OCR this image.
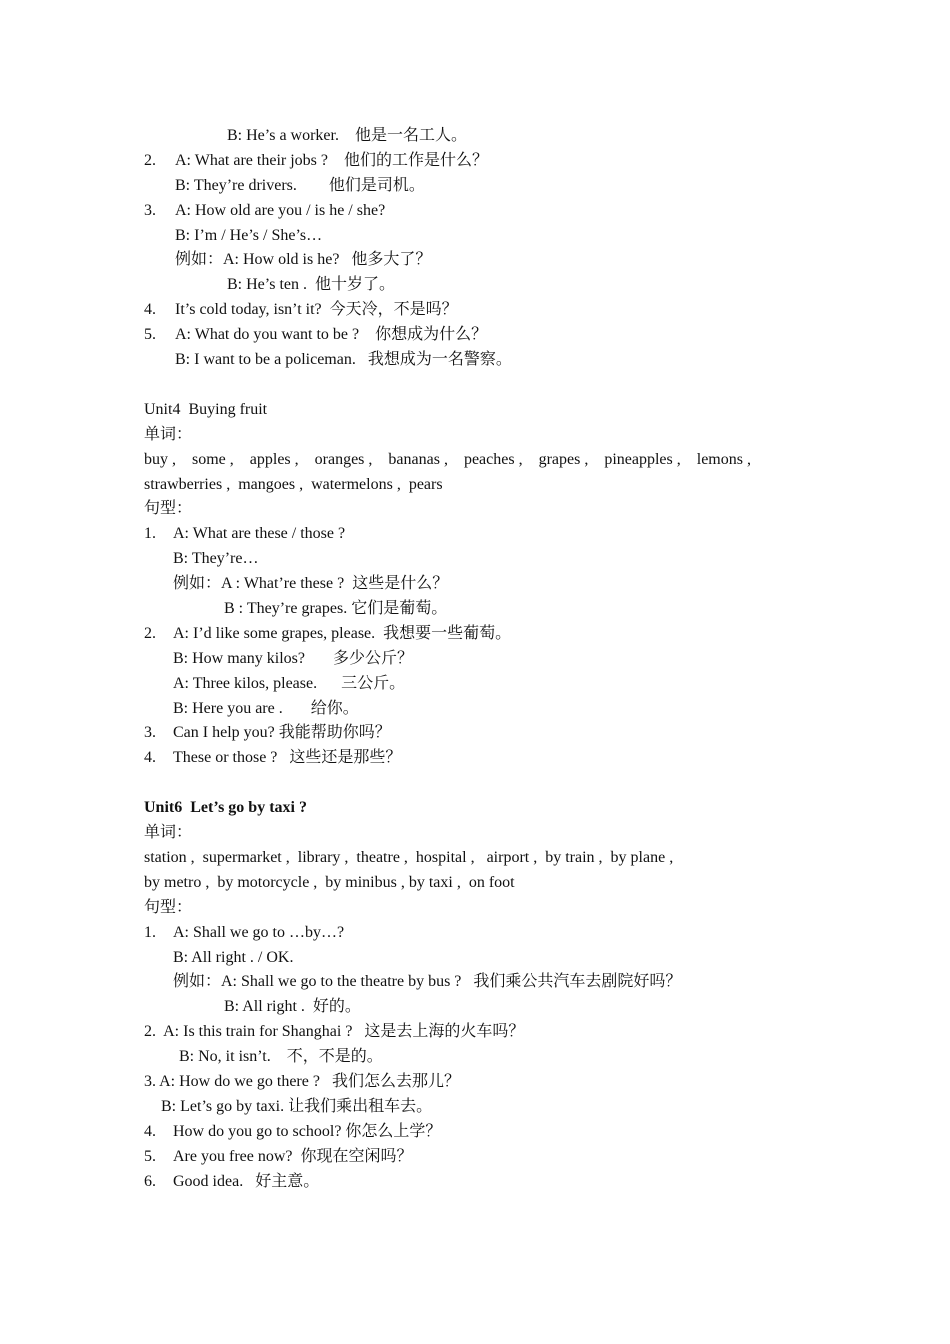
B: He’s a worker.    他是一名工人。
2. A: What are their jobs ?    他们的工作是什么？
B: They’re drivers.        他们是司机。
3. A: How old are you / is he / she?
B: I’m / He’s / She’s…
例如：A: How old is he?   他多大了？
B: He’s ten .  他十岁了。
4. It’s cold today, isn’t it?  今天冷，不是吗？
5. A: What do you want to be ?    你想成为什么？
B: I want to be a policeman.   我想成为一名警察。
Unit4  Buying fruit
单词：
buy ,    some ,    apples ,    oranges ,    bananas ,    peaches ,    grapes ,    pineapples ,    lemons ,
strawberries ,  mangoes ,  watermelons ,  pears
句型：
1. A: What are these / those ?
B: They’re…
例如：A : What’re these ?  这些是什么？
B : They’re grapes. 它们是葡萄。
2. A: I’d like some grapes, please.  我想要一些葡萄。
B: How many kilos?       多少公斤？
A: Three kilos, please.      三公斤。
B: Here you are .       给你。
3. Can I help you? 我能帮助你吗？
4. These or those ?   这些还是那些？
Unit6  Let’s go by taxi ?
单词：
station ,  supermarket ,  library ,  theatre ,  hospital ,   airport ,  by train ,  by plane ,
by metro ,  by motorcycle ,  by minibus , by taxi ,  on foot
句型：
1. A: Shall we go to …by…?
B: All right . / OK.
例如：A: Shall we go to the theatre by bus ?   我们乘公共汽车去剧院好吗？
B: All right .  好的。
2.  A: Is this train for Shanghai ?   这是去上海的火车吗？
B: No, it isn’t.    不，不是的。
3. A: How do we go there ?   我们怎么去那儿？
B: Let’s go by taxi. 让我们乘出租车去。
4. How do you go to school? 你怎么上学？
5. Are you free now?  你现在空闲吗？
6. Good idea.   好主意。
